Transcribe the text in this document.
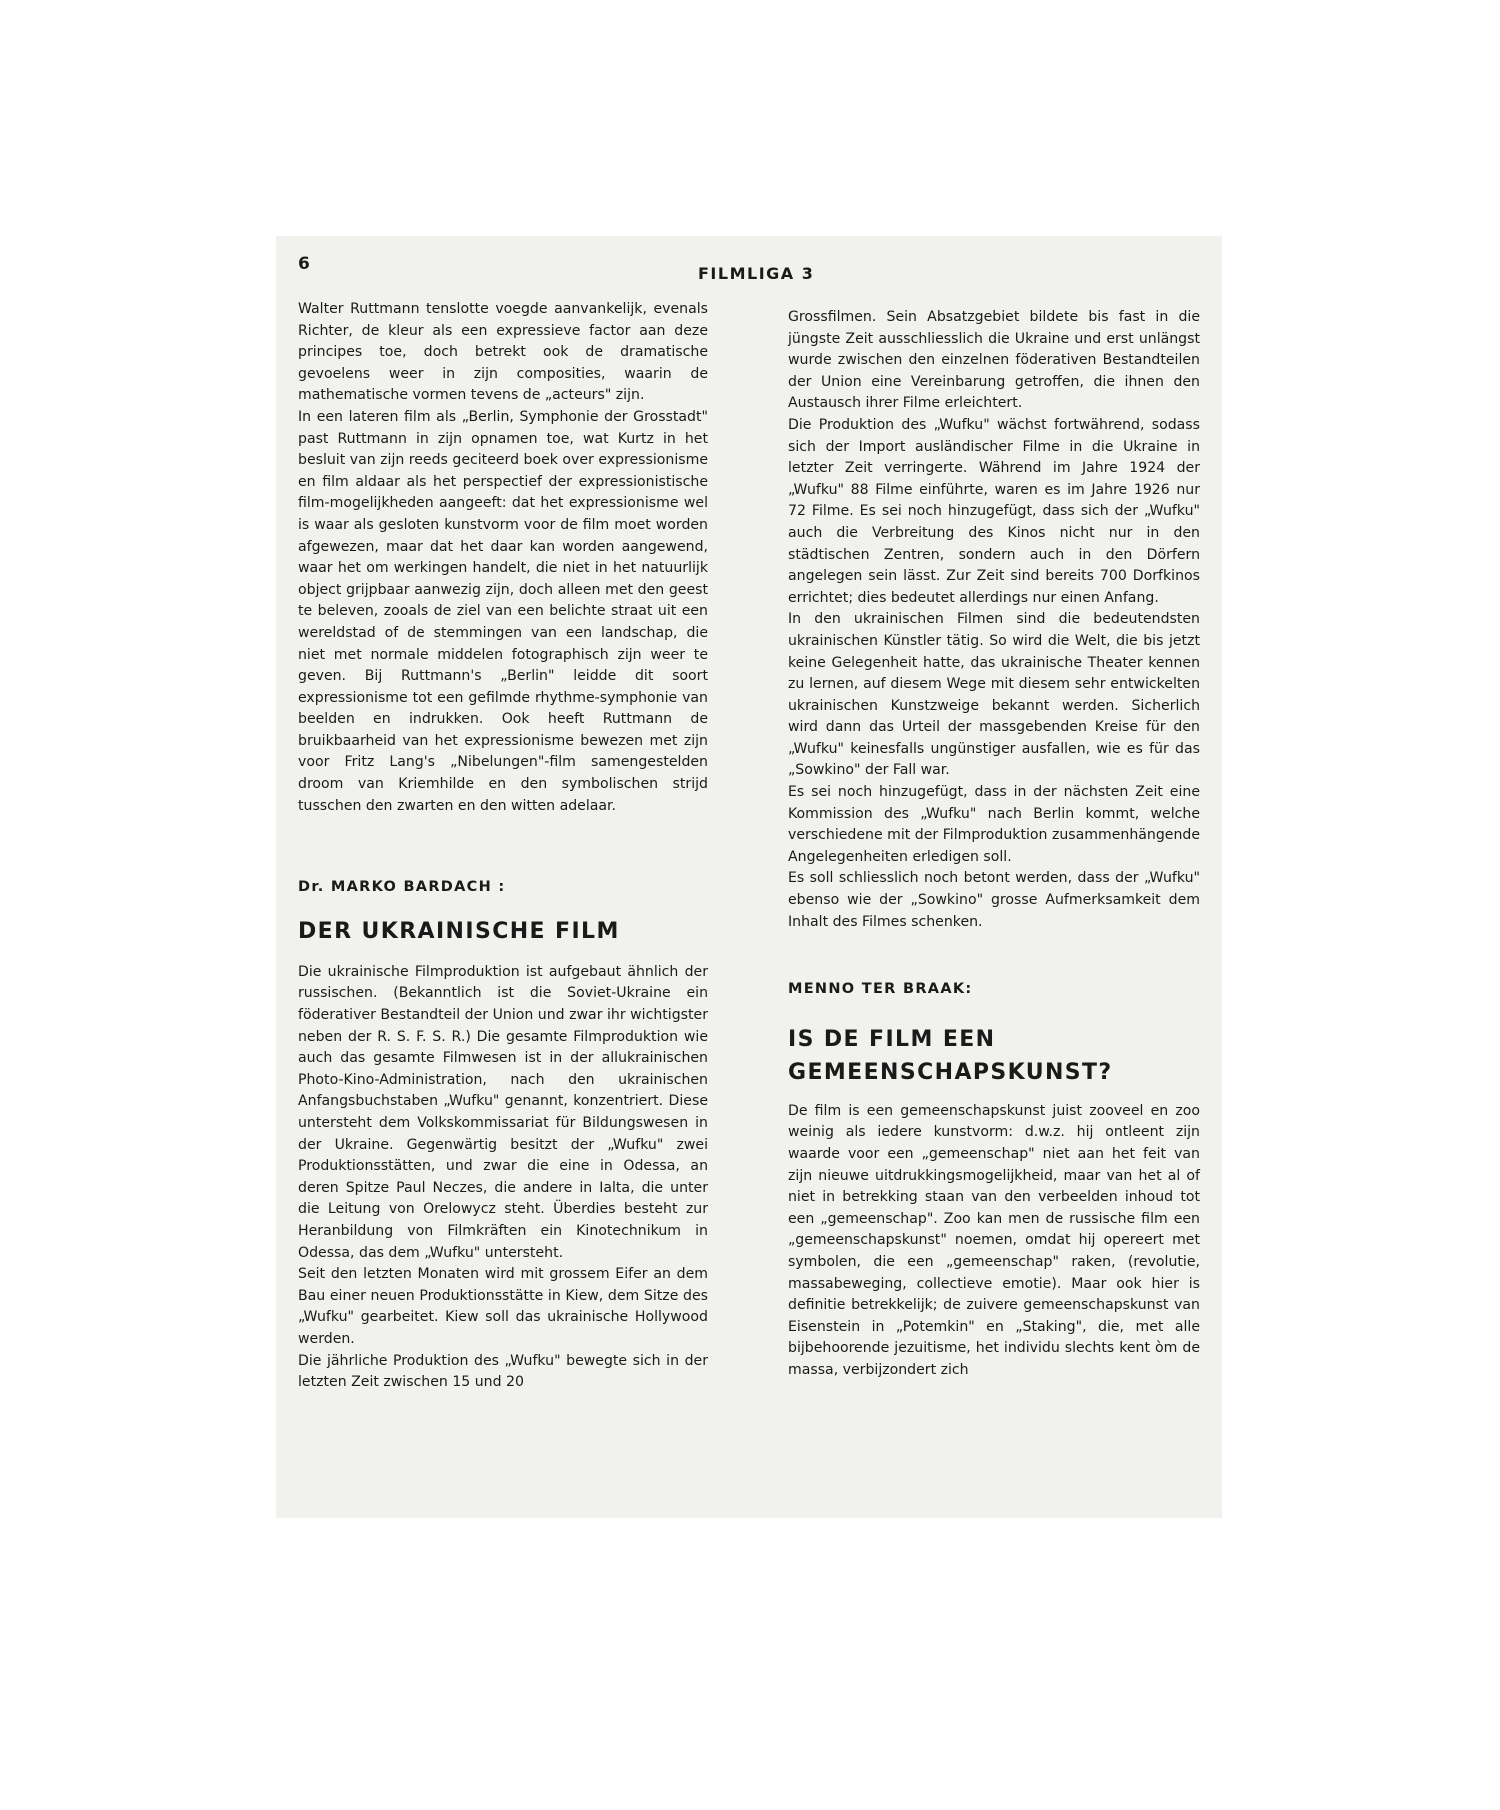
6	FILMLIGA 3

Walter Ruttmann tenslotte voegde aanvankelijk, evenals Richter, de kleur als een expressieve factor aan deze principes toe, doch betrekt ook de dramatische gevoelens weer in zijn composities, waarin de mathematische vormen tevens de „acteurs" zijn.

In een lateren film als „Berlin, Symphonie der Grosstadt" past Ruttmann in zijn opnamen toe, wat Kurtz in het besluit van zijn reeds geciteerd boek over expressionisme en film aldaar als het perspectief der expressionistische film-mogelijkheden aangeeft: dat het expressionisme wel is waar als gesloten kunstvorm voor de film moet worden afgewezen, maar dat het daar kan worden aangewend, waar het om werkingen handelt, die niet in het natuurlijk object grijpbaar aanwezig zijn, doch alleen met den geest te beleven, zooals de ziel van een belichte straat uit een wereldstad of de stemmingen van een landschap, die niet met normale middelen fotographisch zijn weer te geven. Bij Ruttmann's „Berlin" leidde dit soort expressionisme tot een gefilmde rhythme-symphonie van beelden en indrukken. Ook heeft Ruttmann de bruikbaarheid van het expressionisme bewezen met zijn voor Fritz Lang's „Nibelungen"-film samengestelden droom van Kriemhilde en den symbolischen strijd tusschen den zwarten en den witten adelaar.

Dr. MARKO BARDACH :
DER UKRAINISCHE FILM

Die ukrainische Filmproduktion ist aufgebaut ähnlich der russischen. (Bekanntlich ist die Soviet-Ukraine ein föderativer Bestandteil der Union und zwar ihr wichtigster neben der R. S. F. S. R.) Die gesamte Filmproduktion wie auch das gesamte Filmwesen ist in der allukrainischen Photo-Kino-Administration, nach den ukrainischen Anfangsbuchstaben „Wufku" genannt, konzentriert. Diese untersteht dem Volkskommissariat für Bildungswesen in der Ukraine. Gegenwärtig besitzt der „Wufku" zwei Produktionsstätten, und zwar die eine in Odessa, an deren Spitze Paul Neczes, die andere in Ialta, die unter die Leitung von Orelowycz steht. Überdies besteht zur Heranbildung von Filmkräften ein Kinotechnikum in Odessa, das dem „Wufku" untersteht.

Seit den letzten Monaten wird mit grossem Eifer an dem Bau einer neuen Produktionsstätte in Kiew, dem Sitze des „Wufku" gearbeitet. Kiew soll das ukrainische Hollywood werden.

Die jährliche Produktion des „Wufku" bewegte sich in der letzten Zeit zwischen 15 und 20

Grossfilmen. Sein Absatzgebiet bildete bis fast in die jüngste Zeit ausschliesslich die Ukraine und erst unlängst wurde zwischen den einzelnen föderativen Bestandteilen der Union eine Vereinbarung getroffen, die ihnen den Austausch ihrer Filme erleichtert.

Die Produktion des „Wufku" wächst fortwährend, sodass sich der Import ausländischer Filme in die Ukraine in letzter Zeit verringerte. Während im Jahre 1924 der „Wufku" 88 Filme einführte, waren es im Jahre 1926 nur 72 Filme. Es sei noch hinzugefügt, dass sich der „Wufku" auch die Verbreitung des Kinos nicht nur in den städtischen Zentren, sondern auch in den Dörfern angelegen sein lässt. Zur Zeit sind bereits 700 Dorfkinos errichtet; dies bedeutet allerdings nur einen Anfang.

In den ukrainischen Filmen sind die bedeutendsten ukrainischen Künstler tätig. So wird die Welt, die bis jetzt keine Gelegenheit hatte, das ukrainische Theater kennen zu lernen, auf diesem Wege mit diesem sehr entwickelten ukrainischen Kunstzweige bekannt werden. Sicherlich wird dann das Urteil der massgebenden Kreise für den „Wufku" keinesfalls ungünstiger ausfallen, wie es für das „Sowkino" der Fall war.

Es sei noch hinzugefügt, dass in der nächsten Zeit eine Kommission des „Wufku" nach Berlin kommt, welche verschiedene mit der Filmproduktion zusammenhängende Angelegenheiten erledigen soll.

Es soll schliesslich noch betont werden, dass der „Wufku" ebenso wie der „Sowkino" grosse Aufmerksamkeit dem Inhalt des Filmes schenken.

MENNO TER BRAAK:
IS DE FILM EEN
GEMEENSCHAPSKUNST?

De film is een gemeenschapskunst juist zooveel en zoo weinig als iedere kunstvorm: d.w.z. hij ontleent zijn waarde voor een „gemeenschap" niet aan het feit van zijn nieuwe uitdrukkingsmogelijkheid, maar van het al of niet in betrekking staan van den verbeelden inhoud tot een „gemeenschap". Zoo kan men de russische film een „gemeenschapskunst" noemen, omdat hij opereert met symbolen, die een „gemeenschap" raken, (revolutie, massabeweging, collectieve emotie). Maar ook hier is definitie betrekkelijk; de zuivere gemeenschapskunst van Eisenstein in „Potemkin" en „Staking", die, met alle bijbehoorende jezuitisme, het individu slechts kent òm de massa, verbijzondert zich
